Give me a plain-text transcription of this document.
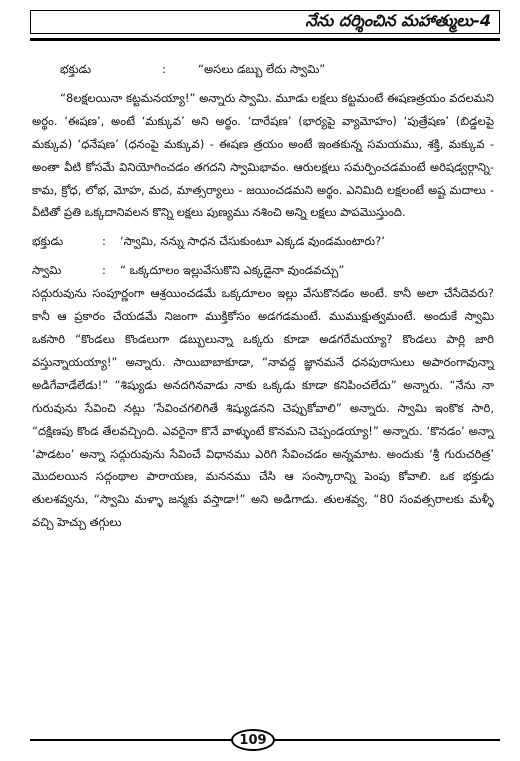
నేను దర్శించిన మహాత్ములు-4
భక్తుడు	:	“అసలు డబ్బు లేదు స్వామి”

“8లక్షలయినా కట్టమనయ్యా!” అన్నారు స్వామి. మూడు లక్షలు కట్టమంటే ఈషణత్రయం వదలమని అర్థం. ‘ఈషణ’, అంటే ‘మక్కువ’ అని అర్థం. ‘దారేషణ’ (భార్యపై వ్యామోహం) ‘పుత్రేషణ’ (బిడ్డలపై మక్కువ) ‘ధనేషణ’ (ధనంపై మక్కువ) - ఈషణ త్రయం అంటే ఇంతకున్న సమయము, శక్తి, మక్కువ - అంతా వీటి కోసమే వినియోగించడం తగదని స్వామిభావం. ఆరులక్షలు సమర్పించడమంటే అరిషడ్వర్గాన్ని- కామ, క్రోధ, లోభ, మోహ, మద, మాత్సర్యాలు - జయించడమని అర్థం. ఎనిమిది లక్షలంటే అష్ట మదాలు - వీటితో ప్రతి ఒక్కదానివలన కొన్ని లక్షలు పుణ్యము నశించి అన్ని లక్షలు పాపమొస్తుంది.

భక్తుడు	:	‘స్వామి, నన్ను సాధన చేసుకుంటూ ఎక్కడ వుండమంటారు?’
స్వామి	:	“ ఒక్కదూలం ఇల్లువేసుకొని ఎక్కడైనా వుండవచ్చు”

సద్గురువును సంపూర్ణంగా ఆశ్రయించడమే ఒక్కదూలం ఇల్లు వేసుకొనడం అంటే. కానీ అలా చేసేదెవరు? కానీ ఆ ప్రకారం చేయడమే నిజంగా ముక్తికోసం అడగడమంటే. ముముక్షుత్వమంటే. అందుకే స్వామి ఒకసారి “కొండలు కొండలుగా డబ్బులున్నా ఒక్కరు కూడా అడగరేమయ్యా? కొండలు పార్లి జారి వస్తున్నాయయ్యా!” అన్నారు. సాయిబాబాకూడా, “నావద్ద జ్ఞానమనే ధనపురాసులు అపారంగావున్నా అడిగేవాడేలేడు!” “శిష్యుడు అనదగినవాడు నాకు ఒక్కడు కూడా కనిపించలేదు” అన్నారు. “నేను నా గురువును సేవించి నట్లు ‘సేవించగలిగితే శిష్యుడనని చెప్పుకోవాలి” అన్నారు. స్వామి ఇంకొక సారి, “దక్షిణపు కొండ తేలవచ్చింది. ఎవరైనా కొనే వాళ్ళుంటే కొనమని చెప్పండయ్యా!” అన్నారు. ‘కొనడం’ అన్నా ‘పాడటం’ అన్నా సద్గురువును సేవించే విధానము ఎరిగి సేవించడం అన్నమాట. అందుకు ‘శ్రీ గురుచరిత్ర’ మొదలయిన సద్గంథాల పారాయణ, మననము చేసి ఆ సంస్కారాన్ని పెంపు కోవాలి. ఒక భక్తుడు తులశవ్వను, “స్వామి మళ్ళా జన్మకు వస్తాడా!” అని అడిగాడు. తులశవ్వ, “80 సంవత్సరాలకు మళ్ళీ వచ్చి హెచ్చు తగ్గులు

109
